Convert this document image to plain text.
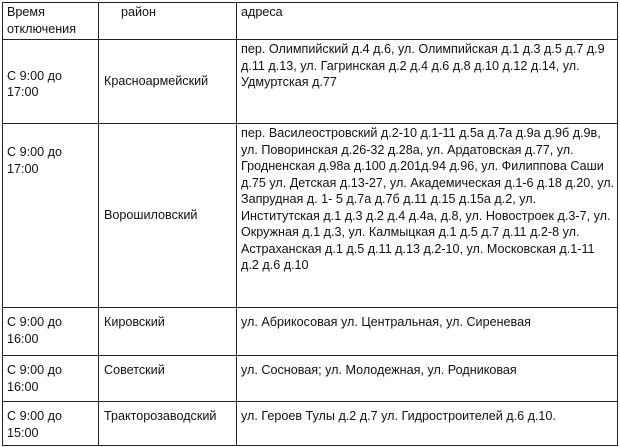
Время
отключения	район	адреса
С 9:00 до
17:00	Красноармейский	пер. Олимпийский д.4 д.6, ул. Олимпийская д.1 д.3 д.5 д.7 д.9 д.11 д.13, ул. Гагринская д.2 д.4 д.6 д.8 д.10 д.12 д.14, ул. Удмуртская д.77
С 9:00 до
17:00	Ворошиловский	пер. Василеостровский д.2-10 д.1-11 д.5а д.7а д.9а д.9б д.9в, ул. Поворинская д.26-32 д.28а, ул. Ардатовская д.77, ул. Гродненская д.98а д.100 д.201д.94 д.96, ул. Филиппова Саши д.75 ул. Детская д.13-27, ул. Академическая д.1-6 д.18 д.20, ул. Запрудная д. 1- 5 д.7а д.7б д.11 д.15 д.15а д.2, ул. Институтская д.1 д.3 д.2 д.4 д.4а, д.8, ул. Новостроек д.3-7, ул. Окружная д.1 д.3, ул. Калмыцкая д.1 д.5 д.7 д.11 д.2-8 ул. Астраханская д.1 д.5 д.11 д.13 д.2-10, ул. Московская д.1-11 д.2 д.6 д.10
С 9:00 до
16:00	Кировский	ул. Абрикосовая ул. Центральная, ул. Сиреневая
С 9:00 до
16:00	Советский	ул. Сосновая; ул. Молодежная, ул. Родниковая
С 9:00 до
15:00	Тракторозаводский	ул. Героев Тулы д.2 д.7 ул. Гидростроителей д.6 д.10.
